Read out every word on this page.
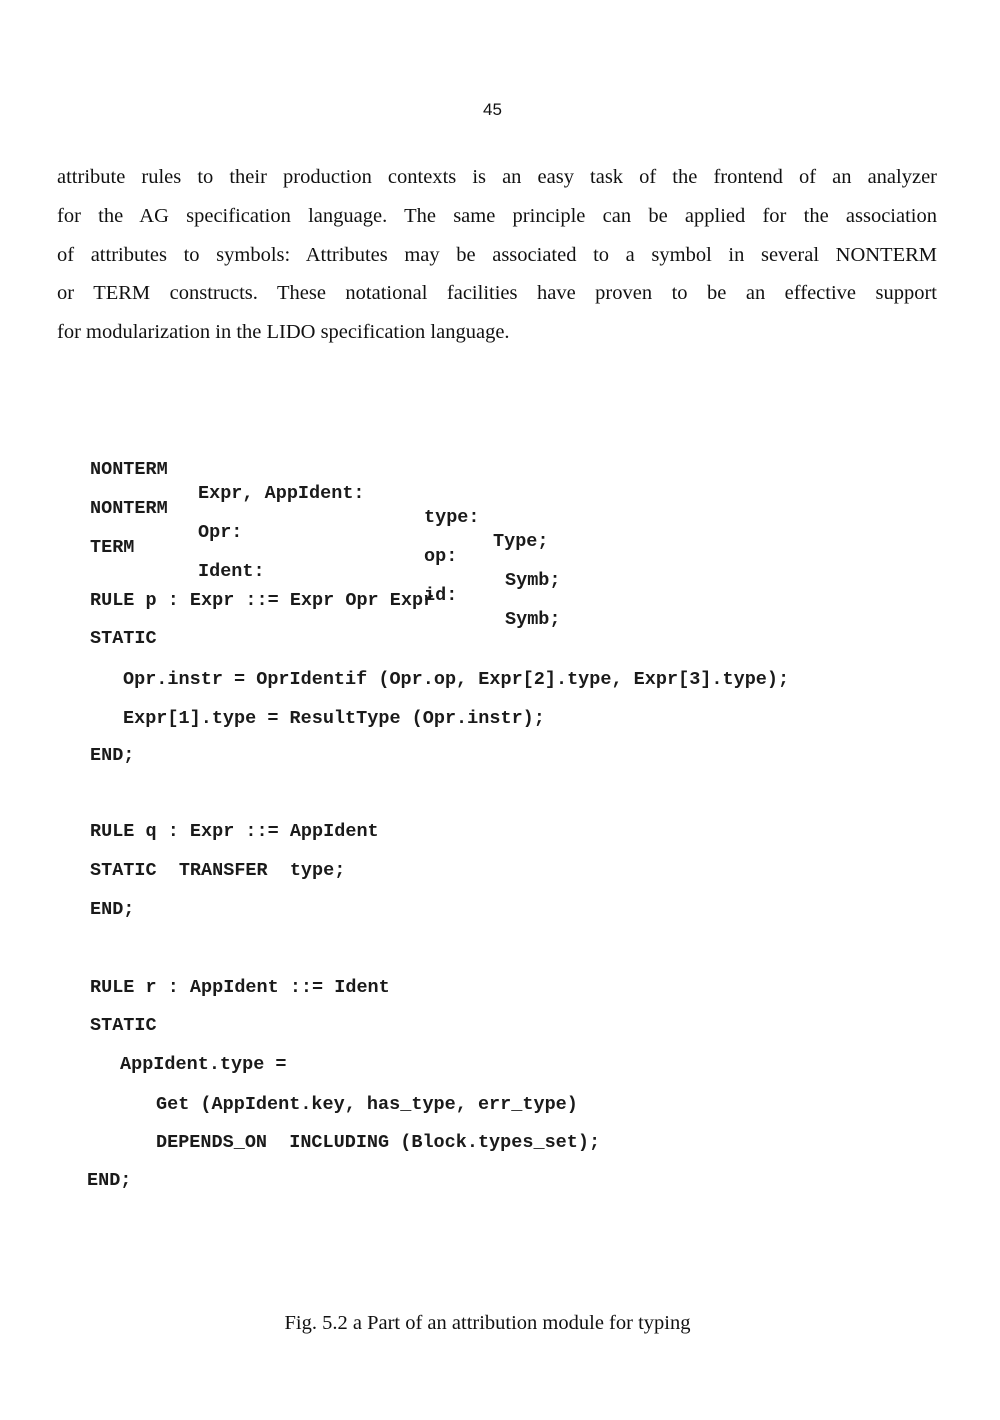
45

attribute rules to their production contexts is an easy task of the frontend of an analyzer
for the AG specification language. The same principle can be applied for the association
of attributes to symbols: Attributes may be associated to a symbol in several NONTERM
or TERM constructs. These notational facilities have proven to be an effective support
for modularization in the LIDO specification language.

NONTERM

Expr, AppIdent:

type:

Type;

NONTERM

Opr:

op:

Symb;

TERM

Ident:

id:

Symb;

RULE p : Expr ::= Expr Opr Expr
STATIC
Opr.instr = OprIdentif (Opr.op, Expr[2].type, Expr[3].type);
Expr[1].type = ResultType (Opr.instr);
END;
RULE q : Expr ::= AppIdent
STATIC  TRANSFER  type;
END;
RULE r : AppIdent ::= Ident
STATIC
AppIdent.type =
Get (AppIdent.key, has_type, err_type)
DEPENDS_ON  INCLUDING (Block.types_set);
END;
Fig. 5.2 a Part of an attribution module for typing
